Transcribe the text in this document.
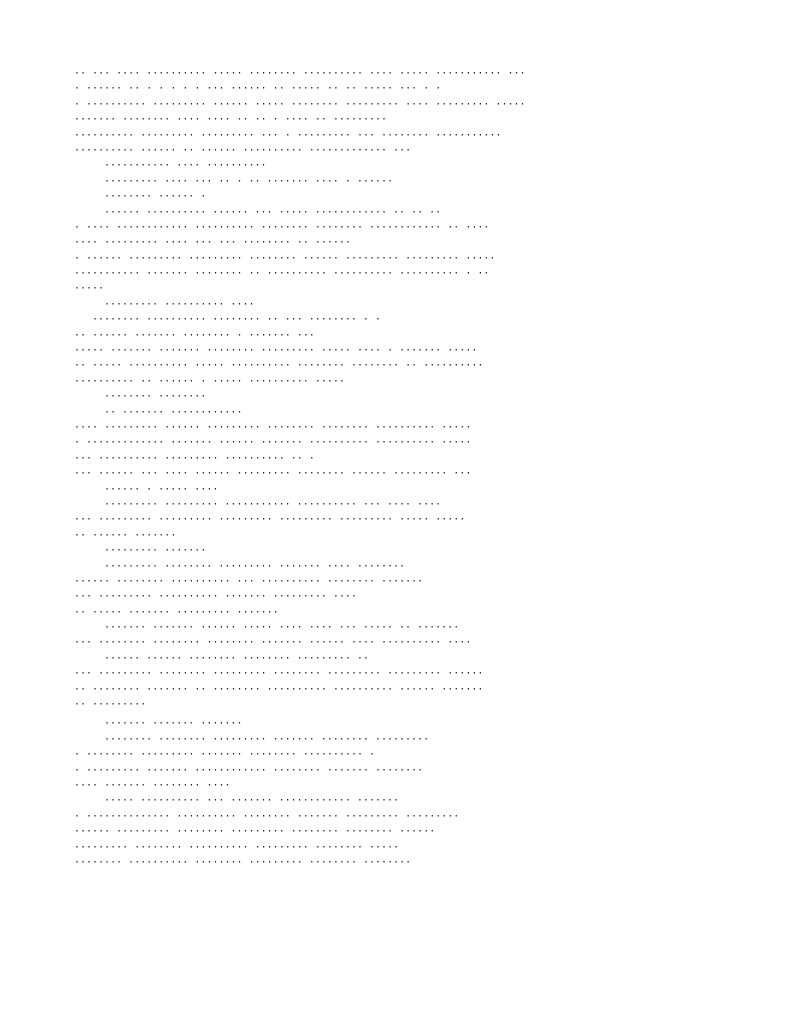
·· ··· ···· ·········· ····· ········ ·········· ···· ····· ··········· ···
· ······ ·· · · · · · ··· ······ ·· ····· ·· ·· ····· ··· · ·
· ·········· ········· ······ ····· ········ ········· ···· ········· ·····
······· ········ ···· ···· ·· ·· · ···· ·· ·········
·········· ········· ········· ··· · ········· ··· ········ ···········
·········· ······ ·· ······ ·········· ············· ···
··········· ···· ··········
········· ···· ··· ·· · ·· ······· ···· · ······
········ ······ ·
······ ·········· ······ ··· ····· ············ ·· ·· ··
· ···· ············ ·········· ········ ········ ············ ·· ····
···· ········· ···· ··· ··· ········ ·· ······
· ······ ········· ········· ········ ······ ········· ········· ·····
··········· ······· ········ ·· ·········· ·········· ·········· · ··
·····
········· ·········· ····
········ ·········· ········ ·· ··· ········ · ·
·· ······ ······· ········ · ······· ···
····· ······· ······· ········ ········· ····· ···· · ······· ·····
·· ····· ·········· ····· ·········· ········ ········ ·· ··········
·········· ·· ······ · ····· ·········· ·····
········ ········
·· ······· ············
···· ········· ······ ········· ········ ········ ·········· ·····
· ············· ······· ······ ······· ·········· ·········· ·····
··· ·········· ········· ·········· ·· ·
··· ······ ··· ···· ······ ········· ········ ······ ········· ···
······ · ····· ····
········· ········· ··········· ·········· ··· ···· ····
··· ········· ········· ········· ········· ········· ····· ·····
·· ······ ·······
········· ·······
········· ········ ········· ······· ···· ········
······ ········ ·········· ··· ·········· ········ ·······
··· ········· ·········· ······· ········· ····
·· ····· ······· ········· ·······
······· ······· ······ ····· ···· ···· ··· ····· ·· ·······
··· ········ ········ ········ ······· ······ ···· ·········· ····
······ ······ ········ ········ ········· ··
··· ········· ········ ········· ········ ········· ········· ······
·· ········ ······· ·· ········ ·········· ·········· ······ ·······
·· ·········
······· ······· ·······
········ ········ ········· ······· ········ ·········
· ········ ········· ······· ········ ·········· ·
· ········· ······· ············ ········ ······· ········
···· ······· ········ ····
····· ·········· ··· ······· ············ ·······
· ·············· ·········· ········ ······· ········· ·········
······ ········· ········ ········· ········ ········ ······
········· ········ ·········· ········· ········ ·····
········ ·········· ········ ········· ········ ········
